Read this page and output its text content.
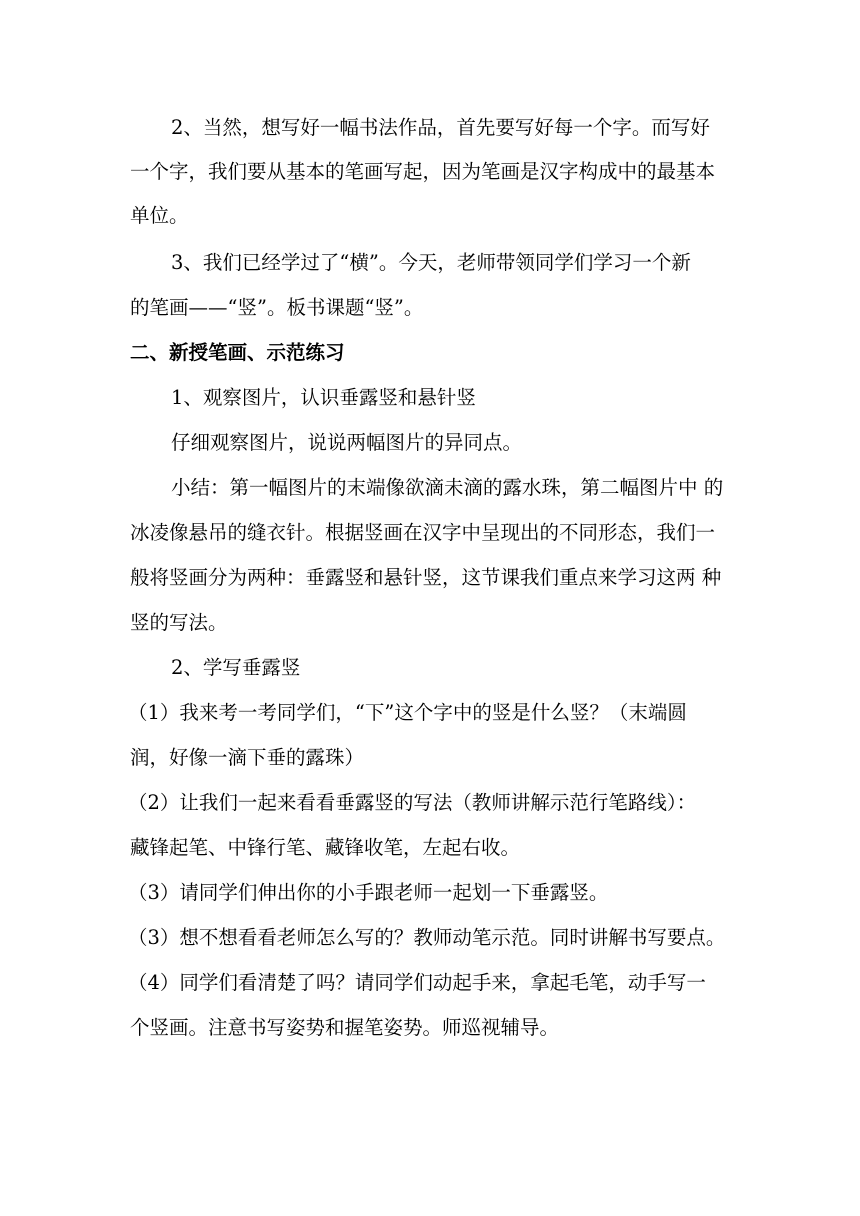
2、当然，想写好一幅书法作品，首先要写好每一个字。而写好

一个字，我们要从基本的笔画写起，因为笔画是汉字构成中的最基本

单位。

3、我们已经学过了“横”。今天，老师带领同学们学习一个新

的笔画——“竖”。板书课题“竖”。

二、新授笔画、示范练习

1、观察图片，认识垂露竖和悬针竖

仔细观察图片，说说两幅图片的异同点。

小结：第一幅图片的末端像欲滴未滴的露水珠，第二幅图片中 的

冰凌像悬吊的缝衣针。根据竖画在汉字中呈现出的不同形态，我们一

般将竖画分为两种：垂露竖和悬针竖，这节课我们重点来学习这两 种

竖的写法。

2、学写垂露竖

（1）我来考一考同学们，“下”这个字中的竖是什么竖？（末端圆

润，好像一滴下垂的露珠）

（2）让我们一起来看看垂露竖的写法（教师讲解示范行笔路线）：

藏锋起笔、中锋行笔、藏锋收笔，左起右收。

（3）请同学们伸出你的小手跟老师一起划一下垂露竖。

（3）想不想看看老师怎么写的？教师动笔示范。同时讲解书写要点。

（4）同学们看清楚了吗？请同学们动起手来，拿起毛笔，动手写一

个竖画。注意书写姿势和握笔姿势。师巡视辅导。
